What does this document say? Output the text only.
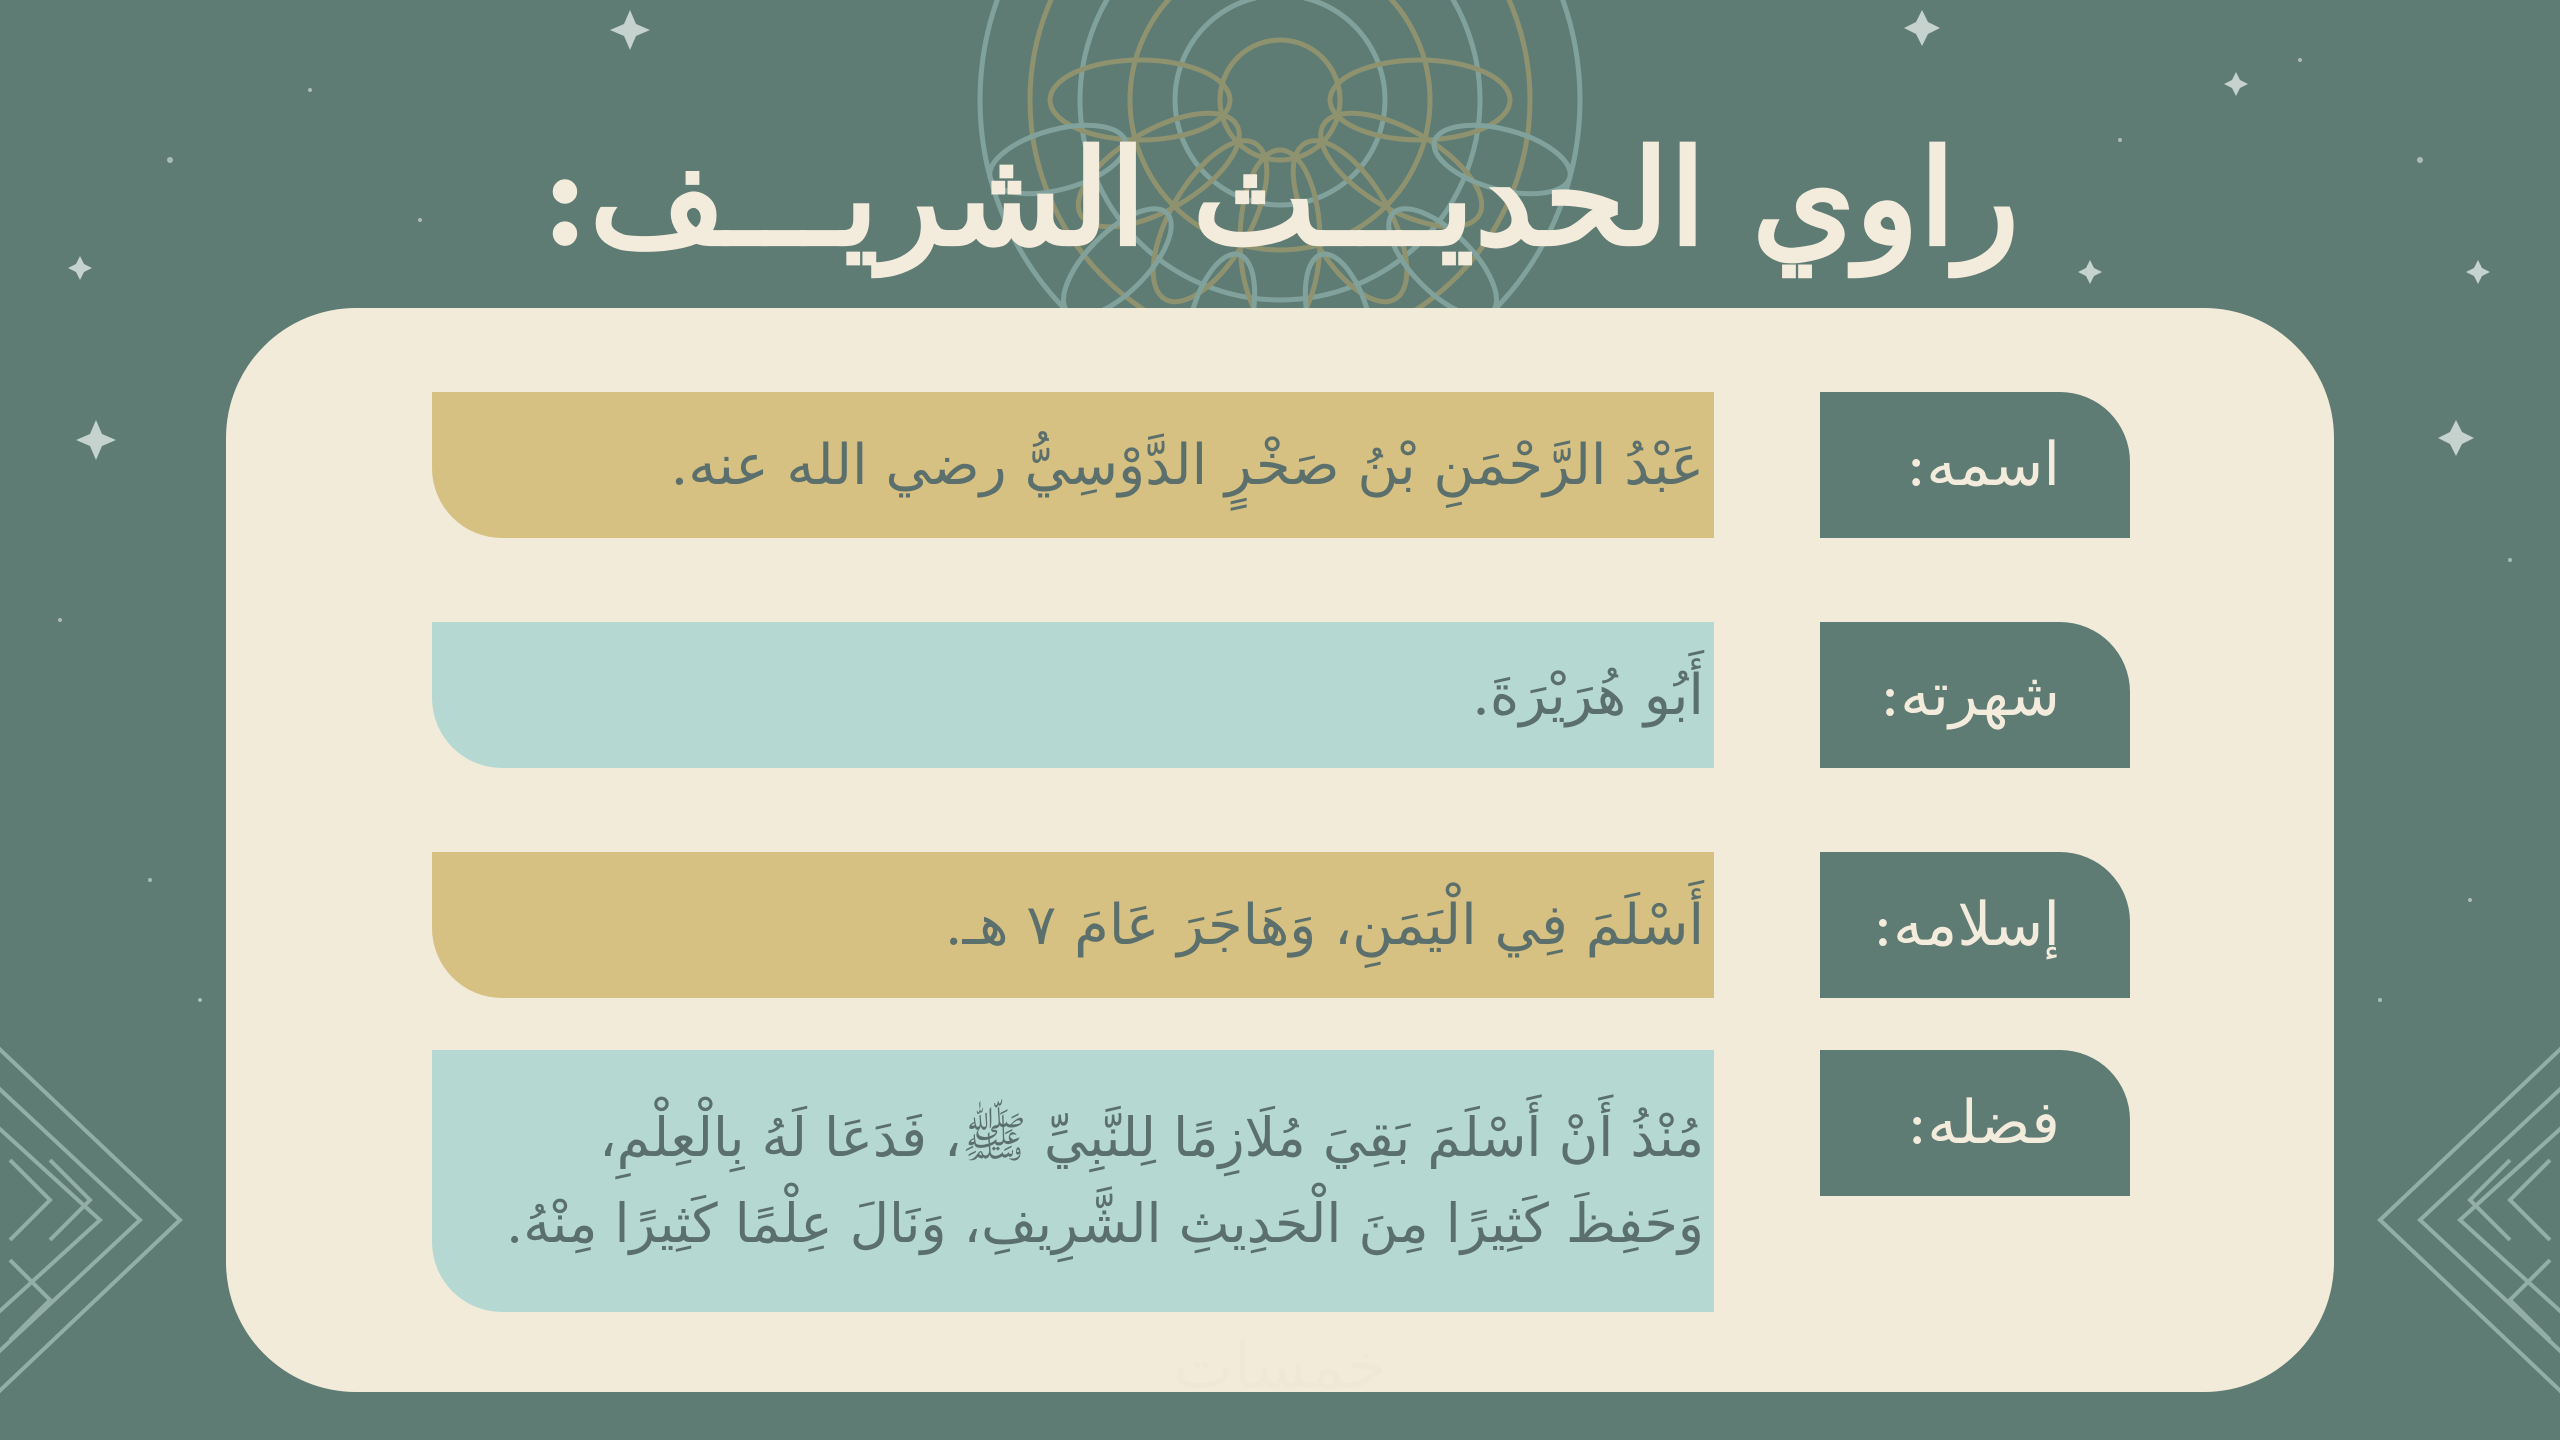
راوي الحديـــث الشريـــف:
اسمه:
عَبْدُ الرَّحْمَنِ بْنُ صَخْرٍ الدَّوْسِيُّ رضي الله عنه.
شهرته:
أَبُو هُرَيْرَةَ.
إسلامه:
أَسْلَمَ فِي الْيَمَنِ، وَهَاجَرَ عَامَ ٧ هـ.
فضله:
مُنْذُ أَنْ أَسْلَمَ بَقِيَ مُلَازِمًا لِلنَّبِيِّ ﷺ، فَدَعَا لَهُ بِالْعِلْمِ، وَحَفِظَ كَثِيرًا مِنَ الْحَدِيثِ الشَّرِيفِ، وَنَالَ عِلْمًا كَثِيرًا مِنْهُ.
خمسات
